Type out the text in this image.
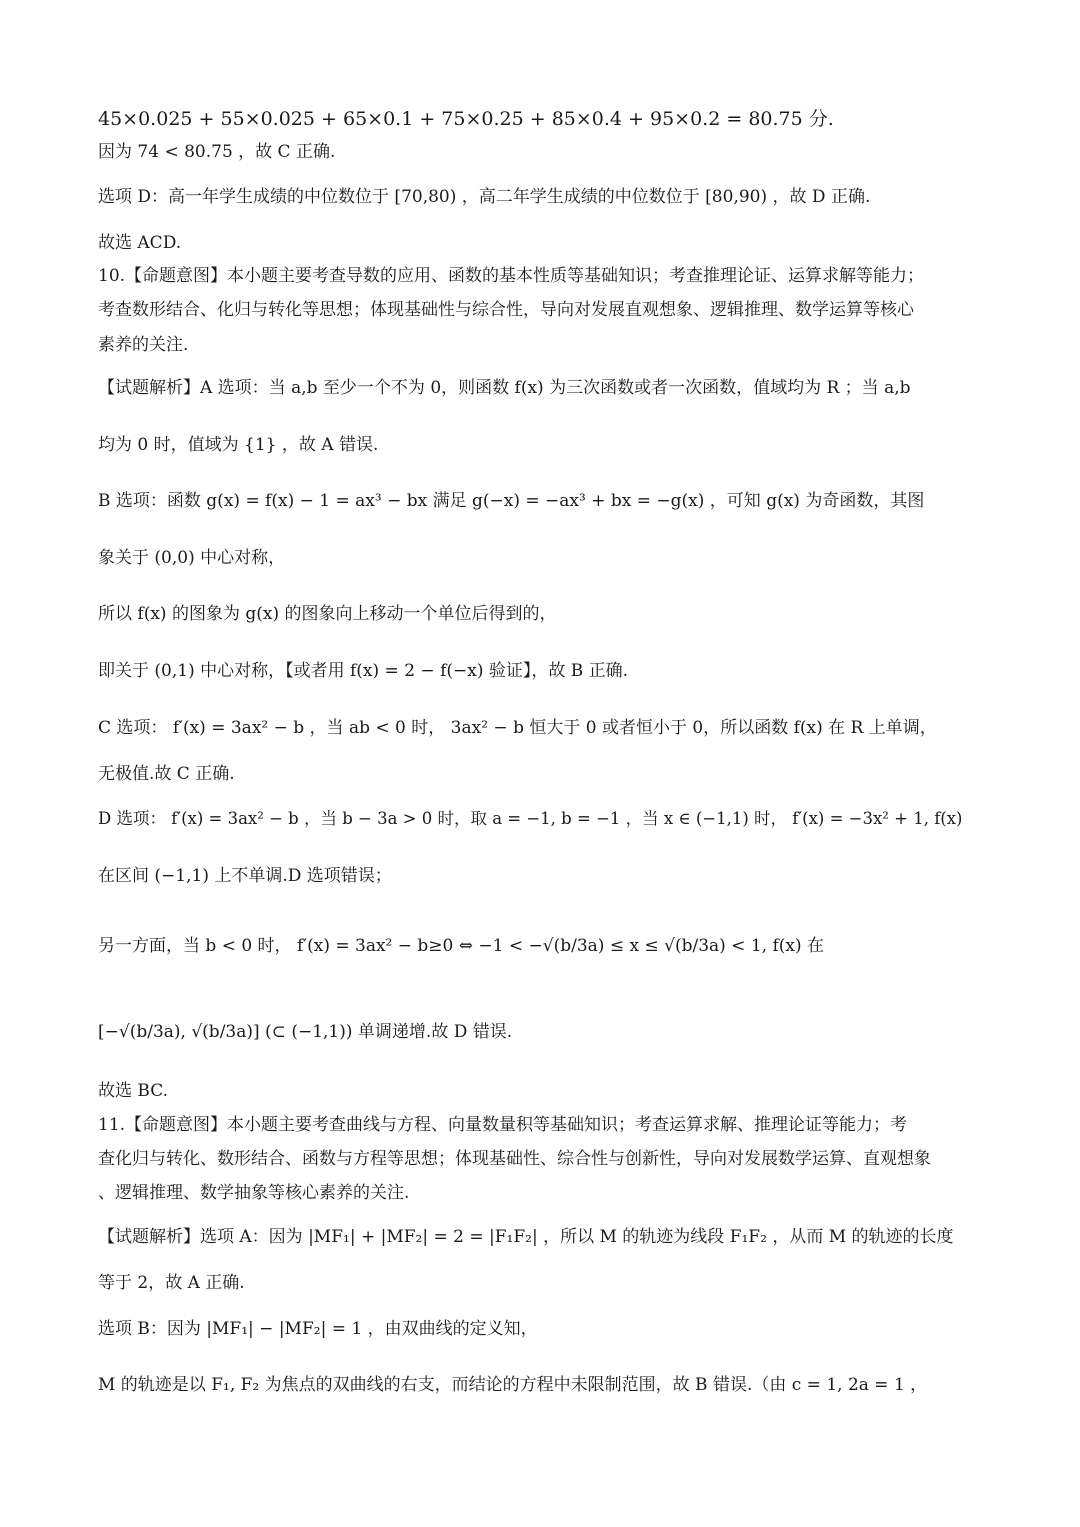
45×0.025 + 55×0.025 + 65×0.1 + 75×0.25 + 85×0.4 + 95×0.2 = 80.75 分.
因为 74 < 80.75 ，故 C 正确.
选项 D：高一年学生成绩的中位数位于 [70,80) ，高二年学生成绩的中位数位于 [80,90) ，故 D 正确.
故选 ACD.
10.【命题意图】本小题主要考查导数的应用、函数的基本性质等基础知识；考查推理论证、运算求解等能力；
考查数形结合、化归与转化等思想；体现基础性与综合性，导向对发展直观想象、逻辑推理、数学运算等核心
素养的关注.
【试题解析】A 选项：当 a,b 至少一个不为 0，则函数 f(x) 为三次函数或者一次函数，值域均为 R ；当 a,b
均为 0 时，值域为 {1} ，故 A 错误.
B 选项：函数 g(x) = f(x) − 1 = ax³ − bx 满足 g(−x) = −ax³ + bx = −g(x) ，可知 g(x) 为奇函数，其图
象关于 (0,0) 中心对称，
所以 f(x) 的图象为 g(x) 的图象向上移动一个单位后得到的，
即关于 (0,1) 中心对称，【或者用 f(x) = 2 − f(−x) 验证】，故 B 正确.
C 选项： f′(x) = 3ax² − b ，当 ab < 0 时， 3ax² − b 恒大于 0 或者恒小于 0，所以函数 f(x) 在 R 上单调，
无极值.故 C 正确.
D 选项： f′(x) = 3ax² − b ，当 b − 3a > 0 时，取 a = −1, b = −1 ，当 x ∈ (−1,1) 时， f′(x) = −3x² + 1, f(x)
在区间 (−1,1) 上不单调.D 选项错误；
另一方面，当 b < 0 时， f′(x) = 3ax² − b≥0 ⇔ −1 < −√(b/3a) ≤ x ≤ √(b/3a) < 1, f(x) 在
[−√(b/3a), √(b/3a)] (⊂ (−1,1)) 单调递增.故 D 错误.
故选 BC.
11.【命题意图】本小题主要考查曲线与方程、向量数量积等基础知识；考查运算求解、推理论证等能力；考
查化归与转化、数形结合、函数与方程等思想；体现基础性、综合性与创新性，导向对发展数学运算、直观想象
、逻辑推理、数学抽象等核心素养的关注.
【试题解析】选项 A：因为 |MF₁| + |MF₂| = 2 = |F₁F₂| ，所以 M 的轨迹为线段 F₁F₂ ，从而 M 的轨迹的长度
等于 2，故 A 正确.
选项 B：因为 |MF₁| − |MF₂| = 1 ，由双曲线的定义知，
M 的轨迹是以 F₁, F₂ 为焦点的双曲线的右支，而结论的方程中未限制范围，故 B 错误.（由 c = 1, 2a = 1 ，
